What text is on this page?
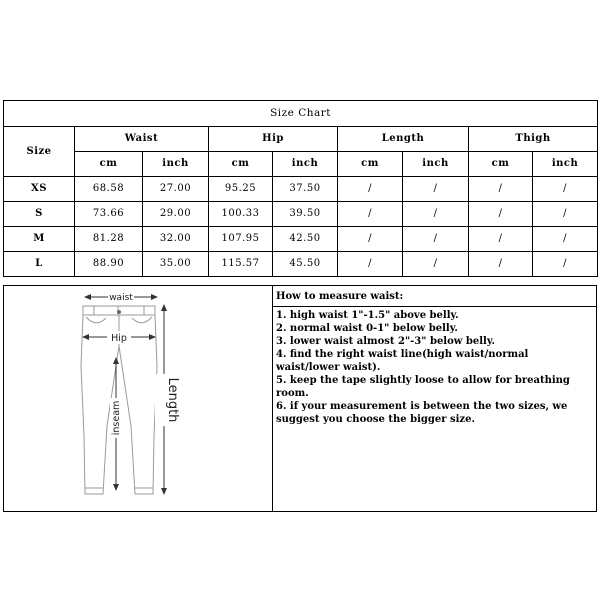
Size Chart								
Size	Waist		Hip		Length		Thigh	
	cm	inch	cm	inch	cm	inch	cm	inch
XS	68.58	27.00	95.25	37.50	/	/	/	/
S	73.66	29.00	100.33	39.50	/	/	/	/
M	81.28	32.00	107.95	42.50	/	/	/	/
L	88.90	35.00	115.57	45.50	/	/	/	/
waist
Hip
inseam	Length
How to measure waist:
1. high waist 1"-1.5" above belly.
2. normal waist 0-1" below belly.
3. lower waist almost 2"-3" below belly.
4. find the right waist line(high waist/normal waist/lower waist).
5. keep the tape slightly loose to allow for breathing room.
6. if your measurement is between the two sizes, we suggest you choose the bigger size.
